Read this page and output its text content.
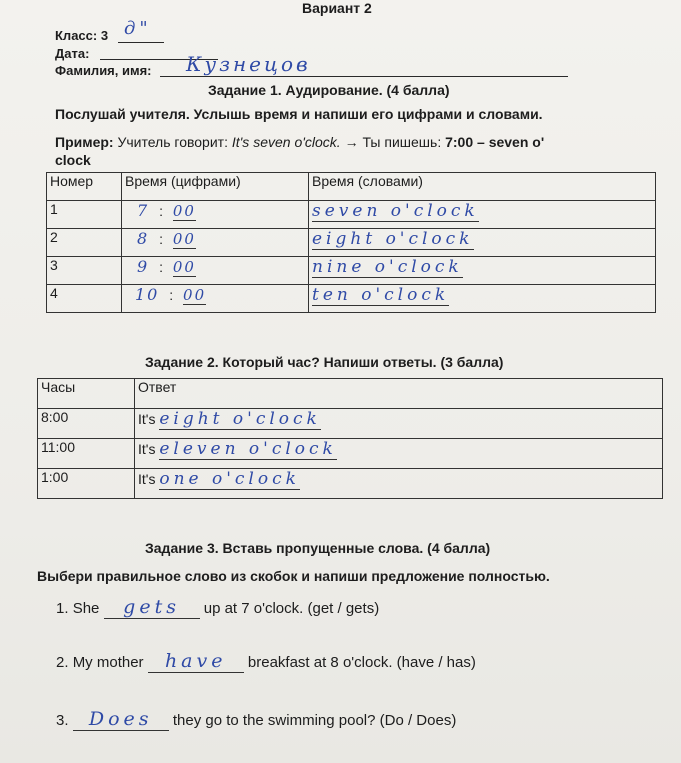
Вариант 2
Класс: 3 д"
Дата:
Фамилия, имя: Кузнецов
Задание 1. Аудирование. (4 балла)
Послушай учителя. Услышь время и напиши его цифрами и словами.
Пример: Учитель говорит: It's seven o'clock. → Ты пишешь: 7:00 – seven o'
clock
Номер	Время (цифрами)	Время (словами)
1	7 : 00	seven o'clock
2	8 : 00	eight o'clock
3	9 : 00	nine o'clock
4	10 : 00	ten o'clock
Задание 2. Который час? Напиши ответы. (3 балла)
Часы	Ответ
8:00	It's eight o'clock
11:00	It's eleven o'clock
1:00	It's one o'clock
Задание 3. Вставь пропущенные слова. (4 балла)
Выбери правильное слово из скобок и напиши предложение полностью.
1. She gets up at 7 o'clock. (get / gets)
2. My mother have breakfast at 8 o'clock. (have / has)
3. Does they go to the swimming pool? (Do / Does)
